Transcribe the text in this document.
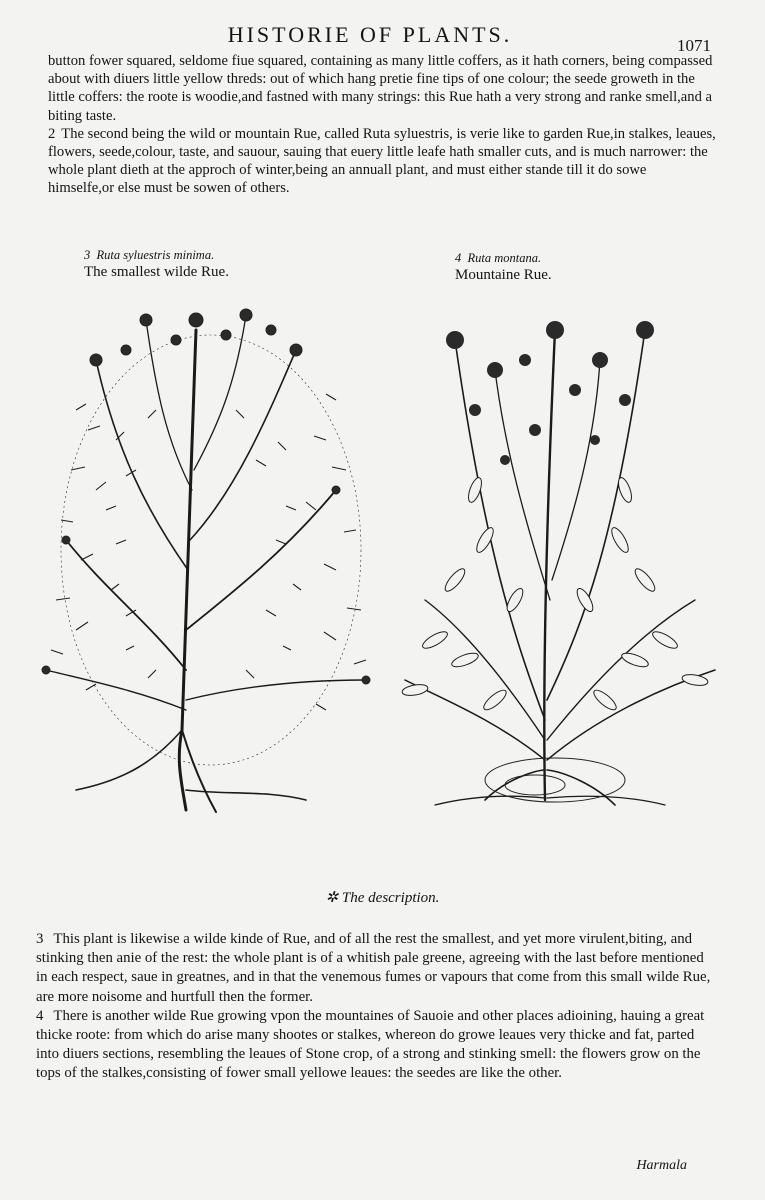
HISTORIE OF PLANTS.	1071

button fower squared, seldome fiue squared, containing as many little coffers, as it hath corners, being compassed about with diuers little yellow threds: out of which hang pretie fine tips of one colour; the seede groweth in the little coffers: the roote is woodie,and fastned with many strings: this Rue hath a very strong and ranke smell,and a biting taste.

2 The second being the wild or mountain Rue, called Ruta syluestris, is verie like to garden Rue,in stalkes, leaues, flowers, seede,colour, taste, and sauour, sauing that euery little leafe hath smaller cuts, and is much narrower: the whole plant dieth at the approch of winter,being an annuall plant, and must either stande till it do sowe himselfe,or else must be sowen of others.

3 Ruta syluestris minima.
The smallest wilde Rue.
4 Ruta montana.
Mountaine Rue.
✲ The description.

3 This plant is likewise a wilde kinde of Rue, and of all the rest the smallest, and yet more virulent,biting, and stinking then anie of the rest: the whole plant is of a whitish pale greene, agreeing with the last before mentioned in each respect, saue in greatnes, and in that the venemous fumes or vapours that come from this small wilde Rue, are more noisome and hurtfull then the former.

4 There is another wilde Rue growing vpon the mountaines of Sauoie and other places adioining, hauing a great thicke roote: from which do arise many shootes or stalkes, whereon do growe leaues very thicke and fat, parted into diuers sections, resembling the leaues of Stone crop, of a strong and stinking smell: the flowers grow on the tops of the stalkes,consisting of fower small yellowe leaues: the seedes are like the other.

Harmala
